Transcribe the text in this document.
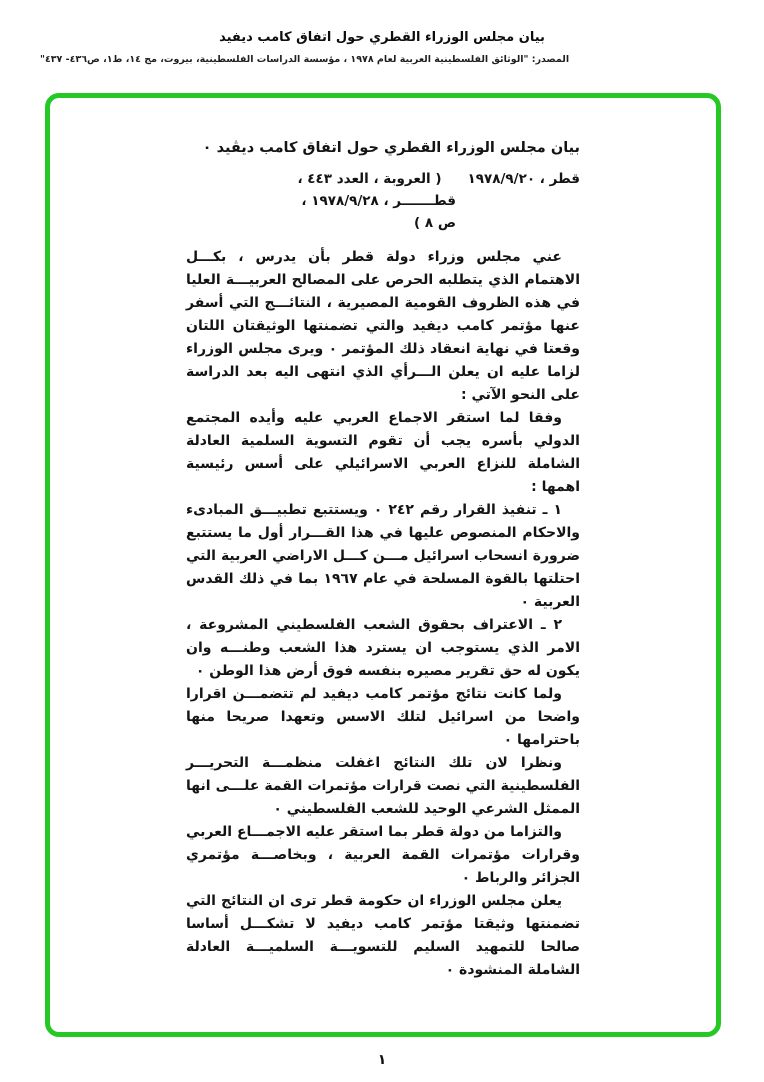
بيان مجلس الوزراء القطري حول اتفاق كامب ديفيد
المصدر: "الوثائق الفلسطينية العربية لعام ١٩٧٨ ، مؤسسة الدراسات الفلسطينية، بيروت، مج ١٤، ط١، ص٤٣٦- ٤٣٧"
بيان مجلس الوزراء القطري حول اتفاق كامب ديڤيد ٠
قطر ، ١٩٧٨/٩/٢٠
( العروبة ، العدد ٤٤٣ ،
قطـــــــر ، ١٩٧٨/٩/٢٨ ،
ص ٨ )

عني مجلس وزراء دولة قطر بأن يدرس ، بكـــل الاهتمام الذي يتطلبه الحرص على المصالح العربيـــة العليا في هذه الظروف القومية المصيرية ، النتائـــج التي أسفر عنها مؤتمر كامب ديفيد والتي تضمنتها الوثيقتان اللتان وقعتا في نهاية انعقاد ذلك المؤتمر ٠ ويرى مجلس الوزراء لزاما عليه ان يعلن الـــرأي الذي انتهى اليه بعد الدراسة على النحو الآتي :

وفقا لما استقر الاجماع العربي عليه وأيده المجتمع الدولي بأسره يجب أن تقوم التسوية السلمية العادلة الشاملة للنزاع العربي الاسرائيلي على أسس رئيسية اهمها :

١ ـ تنفيذ القرار رقم ٢٤٢ ٠ ويستتبع تطبيـــق المبادىء والاحكام المنصوص عليها في هذا القـــرار أول ما يستتبع ضرورة انسحاب اسرائيل مـــن كـــل الاراضي العربية التي احتلتها بالقوة المسلحة في عام ١٩٦٧ بما في ذلك القدس العربية ٠

٢ ـ الاعتراف بحقوق الشعب الفلسطيني المشروعة ، الامر الذي يستوجب ان يسترد هذا الشعب وطنـــه وان يكون له حق تقرير مصيره بنفسه فوق أرض هذا الوطن ٠

ولما كانت نتائج مؤتمر كامب ديفيد لم تتضمـــن اقرارا واضحا من اسرائيل لتلك الاسس وتعهدا صريحا منها باحترامها ٠

ونظرا لان تلك النتائج اغفلت منظمـــة التحريـــر الفلسطينية التي نصت قرارات مؤتمرات القمة علـــى انها الممثل الشرعي الوحيد للشعب الفلسطيني ٠

والتزاما من دولة قطر بما استقر عليه الاجمـــاع العربي وقرارات مؤتمرات القمة العربية ، وبخاصـــة مؤتمري الجزائر والرباط ٠

يعلن مجلس الوزراء ان حكومة قطر ترى ان النتائج التي تضمنتها وثيقتا مؤتمر كامب ديفيد لا تشكـــل أساسا صالحا للتمهيد السليم للتسويـــة السلميـــة العادلة الشاملة المنشودة ٠

١
